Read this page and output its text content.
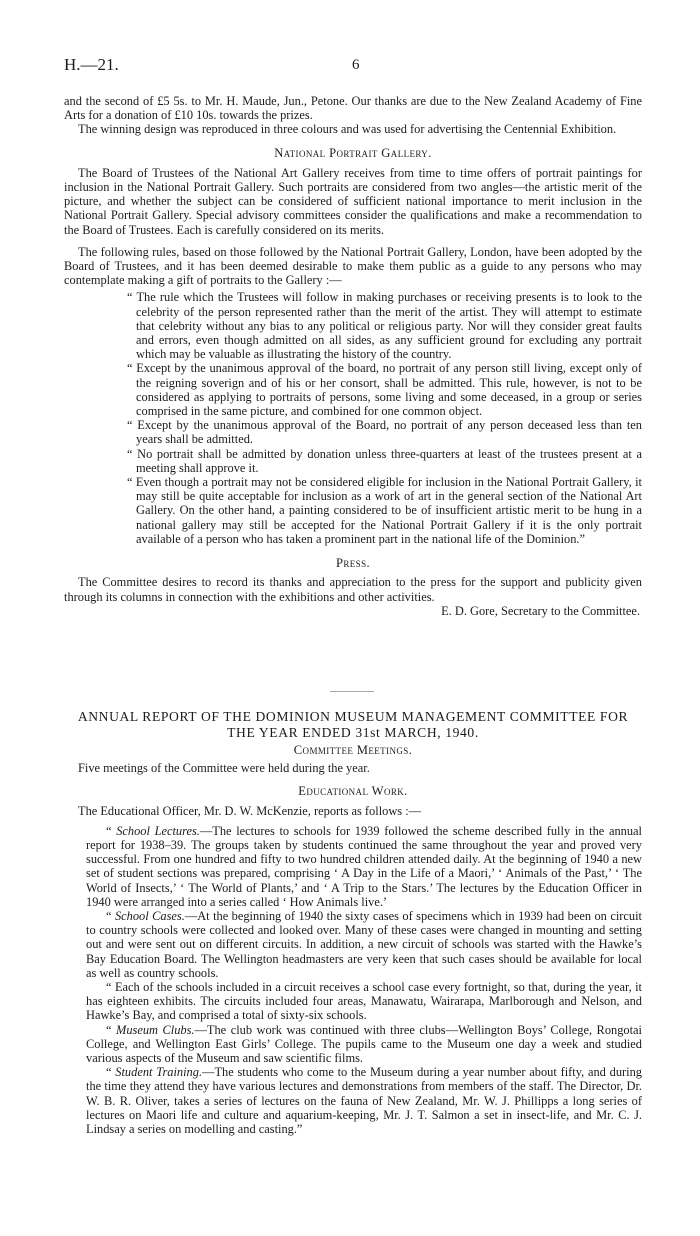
H.—21.	6

and the second of £5 5s. to Mr. H. Maude, Jun., Petone. Our thanks are due to the New Zealand Academy of Fine Arts for a donation of £10 10s. towards the prizes.

The winning design was reproduced in three colours and was used for advertising the Centennial Exhibition.

National Portrait Gallery.

The Board of Trustees of the National Art Gallery receives from time to time offers of portrait paintings for inclusion in the National Portrait Gallery. Such portraits are considered from two angles—the artistic merit of the picture, and whether the subject can be considered of sufficient national importance to merit inclusion in the National Portrait Gallery. Special advisory committees consider the qualifications and make a recommendation to the Board of Trustees. Each is carefully considered on its merits.

The following rules, based on those followed by the National Portrait Gallery, London, have been adopted by the Board of Trustees, and it has been deemed desirable to make them public as a guide to any persons who may contemplate making a gift of portraits to the Gallery :—

“ The rule which the Trustees will follow in making purchases or receiving presents is to look to the celebrity of the person represented rather than the merit of the artist. They will attempt to estimate that celebrity without any bias to any political or religious party. Nor will they consider great faults and errors, even though admitted on all sides, as any sufficient ground for excluding any portrait which may be valuable as illustrating the history of the country.

“ Except by the unanimous approval of the board, no portrait of any person still living, except only of the reigning soverign and of his or her consort, shall be admitted. This rule, however, is not to be considered as applying to portraits of persons, some living and some deceased, in a group or series comprised in the same picture, and combined for one common object.

“ Except by the unanimous approval of the Board, no portrait of any person deceased less than ten years shall be admitted.

“ No portrait shall be admitted by donation unless three-quarters at least of the trustees present at a meeting shall approve it.

“ Even though a portrait may not be considered eligible for inclusion in the National Portrait Gallery, it may still be quite acceptable for inclusion as a work of art in the general section of the National Art Gallery. On the other hand, a painting considered to be of insufficient artistic merit to be hung in a national gallery may still be accepted for the National Portrait Gallery if it is the only portrait available of a person who has taken a prominent part in the national life of the Dominion.”

Press.

The Committee desires to record its thanks and appreciation to the press for the support and publicity given through its columns in connection with the exhibitions and other activities.

E. D. Gore, Secretary to the Committee.

ANNUAL REPORT OF THE DOMINION MUSEUM MANAGEMENT COMMITTEE FOR THE YEAR ENDED 31st MARCH, 1940.

Committee Meetings.

Five meetings of the Committee were held during the year.

Educational Work.

The Educational Officer, Mr. D. W. McKenzie, reports as follows :—

“ School Lectures.—The lectures to schools for 1939 followed the scheme described fully in the annual report for 1938–39. The groups taken by students continued the same throughout the year and proved very successful. From one hundred and fifty to two hundred children attended daily. At the beginning of 1940 a new set of student sections was prepared, comprising ‘ A Day in the Life of a Maori,’ ‘ Animals of the Past,’ ‘ The World of Insects,’ ‘ The World of Plants,’ and ‘ A Trip to the Stars.’ The lectures by the Education Officer in 1940 were arranged into a series called ‘ How Animals live.’

“ School Cases.—At the beginning of 1940 the sixty cases of specimens which in 1939 had been on circuit to country schools were collected and looked over. Many of these cases were changed in mounting and setting out and were sent out on different circuits. In addition, a new circuit of schools was started with the Hawke’s Bay Education Board. The Wellington headmasters are very keen that such cases should be available for local as well as country schools.

“ Each of the schools included in a circuit receives a school case every fortnight, so that, during the year, it has eighteen exhibits. The circuits included four areas, Manawatu, Wairarapa, Marlborough and Nelson, and Hawke’s Bay, and comprised a total of sixty-six schools.

“ Museum Clubs.—The club work was continued with three clubs—Wellington Boys’ College, Rongotai College, and Wellington East Girls’ College. The pupils came to the Museum one day a week and studied various aspects of the Museum and saw scientific films.

“ Student Training.—The students who come to the Museum during a year number about fifty, and during the time they attend they have various lectures and demonstrations from members of the staff. The Director, Dr. W. B. R. Oliver, takes a series of lectures on the fauna of New Zealand, Mr. W. J. Phillipps a long series of lectures on Maori life and culture and aquarium-keeping, Mr. J. T. Salmon a set in insect-life, and Mr. C. J. Lindsay a series on modelling and casting.”
